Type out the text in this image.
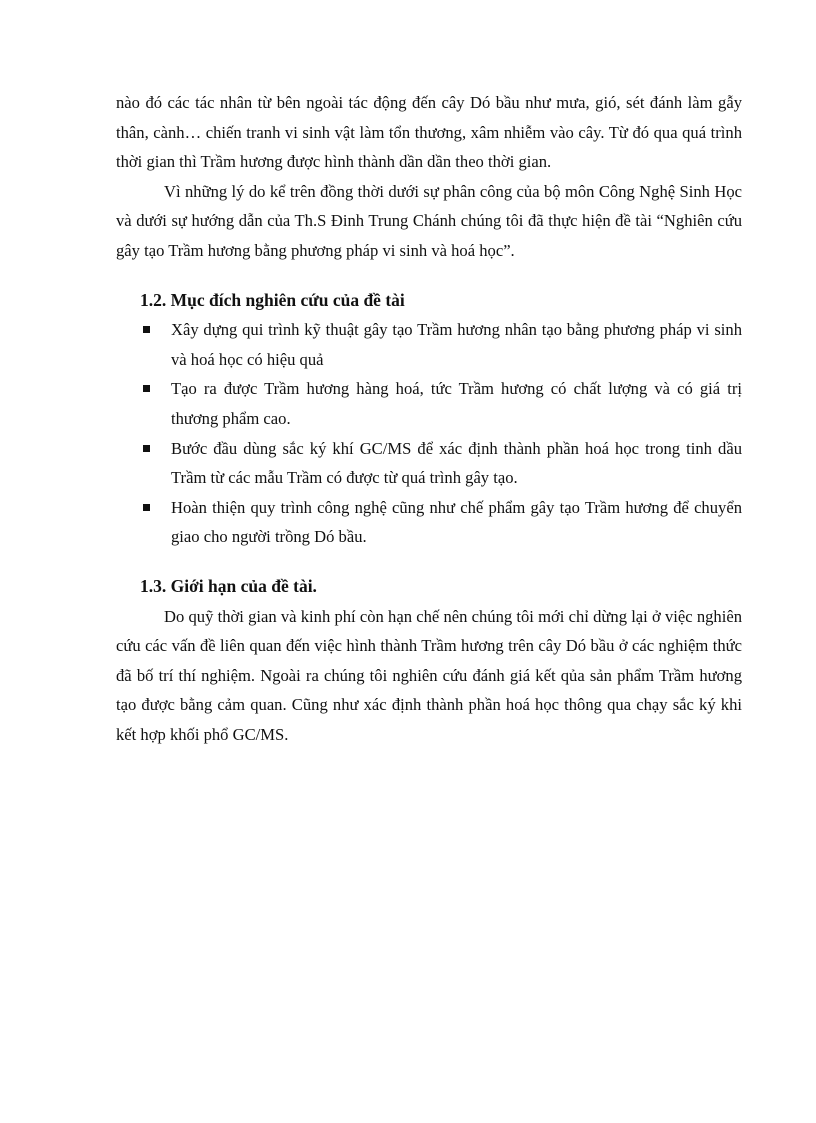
nào đó các tác nhân từ bên ngoài tác động đến cây Dó bầu như mưa, gió, sét đánh làm gẫy thân, cành… chiến tranh vi sinh vật làm tổn thương, xâm nhiễm vào cây. Từ đó qua quá trình thời gian thì Trầm hương được hình thành dần dần theo thời gian.

Vì những lý do kể trên đồng thời dưới sự phân công của bộ môn Công Nghệ Sinh Học và dưới sự hướng dẫn của Th.S Đinh Trung Chánh chúng tôi đã thực hiện đề tài “Nghiên cứu gây tạo Trầm hương bằng phương pháp vi sinh và hoá học”.

1.2. Mục đích nghiên cứu của đề tài
Xây dựng qui trình kỹ thuật gây tạo Trầm hương nhân tạo bằng phương pháp vi sinh và hoá học có hiệu quả
Tạo ra được Trầm hương hàng hoá, tức Trầm hương có chất lượng và có giá trị thương phẩm cao.
Bước đầu dùng sắc ký khí GC/MS để xác định thành phần hoá học trong tinh dầu Trầm từ các mẫu Trầm có được từ quá trình gây tạo.
Hoàn thiện quy trình công nghệ cũng như chế phẩm gây tạo Trầm hương để chuyển giao cho người trồng Dó bầu.
1.3. Giới hạn của đề tài.

Do quỹ thời gian và kinh phí còn hạn chế nên chúng tôi mới chỉ dừng lại ở việc nghiên cứu các vấn đề liên quan đến việc hình thành Trầm hương trên cây Dó bầu ở các nghiệm thức đã bố trí thí nghiệm. Ngoài ra chúng tôi nghiên cứu đánh giá kết qủa sản phẩm Trầm hương tạo được bằng cảm quan. Cũng như xác định thành phần hoá học thông qua chạy sắc ký khi kết hợp khối phổ GC/MS.
